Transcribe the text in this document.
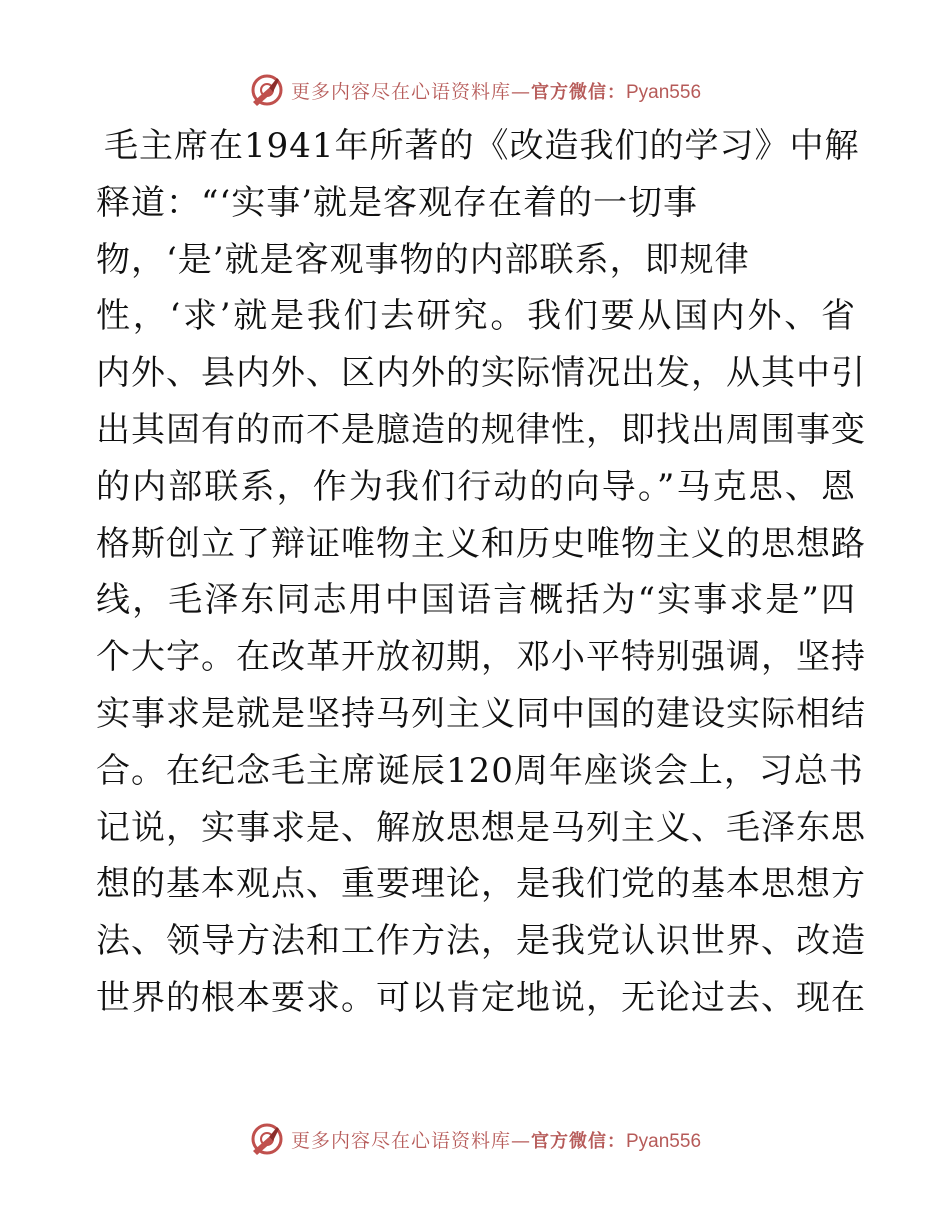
更多内容尽在心语资料库—官方微信：Pyan556
毛主席在1941年所著的《改造我们的学习》中解
释道：“‘实事’就是客观存在着的一切事
物，‘是’就是客观事物的内部联系，即规律
性，‘求’就是我们去研究。我们要从国内外、省
内外、县内外、区内外的实际情况出发，从其中引
出其固有的而不是臆造的规律性，即找出周围事变
的内部联系，作为我们行动的向导。”马克思、恩
格斯创立了辩证唯物主义和历史唯物主义的思想路
线，毛泽东同志用中国语言概括为“实事求是”四
个大字。在改革开放初期，邓小平特别强调，坚持
实事求是就是坚持马列主义同中国的建设实际相结
合。在纪念毛主席诞辰120周年座谈会上，习总书
记说，实事求是、解放思想是马列主义、毛泽东思
想的基本观点、重要理论，是我们党的基本思想方
法、领导方法和工作方法，是我党认识世界、改造
世界的根本要求。可以肯定地说，无论过去、现在
更多内容尽在心语资料库—官方微信：Pyan556
